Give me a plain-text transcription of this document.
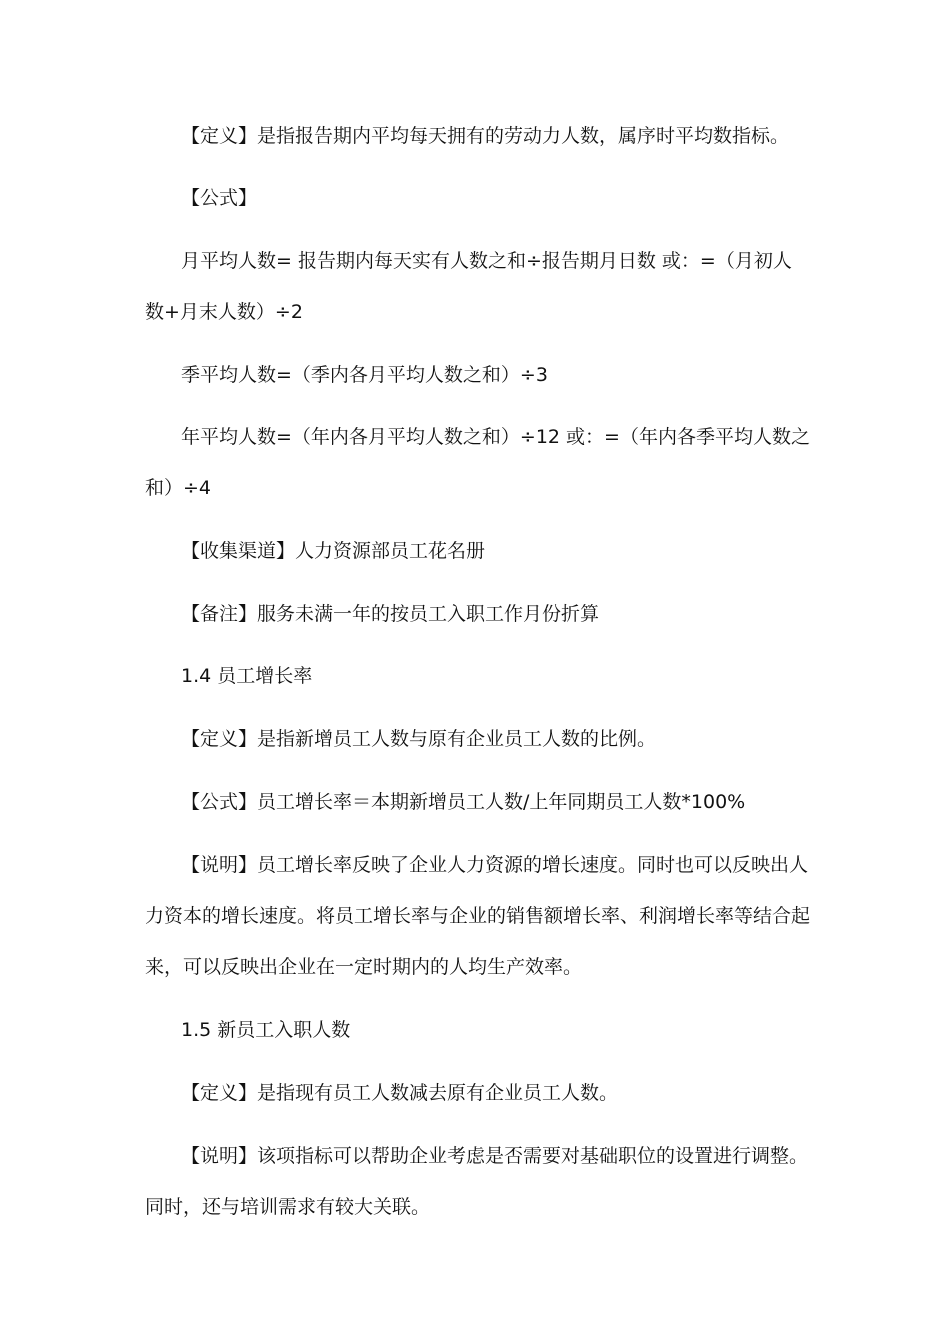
【定义】是指报告期内平均每天拥有的劳动力人数，属序时平均数指标。

【公式】

月平均人数= 报告期内每天实有人数之和÷报告期月日数 或：=（月初人数+月末人数）÷2

季平均人数=（季内各月平均人数之和）÷3

年平均人数=（年内各月平均人数之和）÷12 或：=（年内各季平均人数之和）÷4

【收集渠道】人力资源部员工花名册

【备注】服务未满一年的按员工入职工作月份折算

1.4 员工增长率

【定义】是指新增员工人数与原有企业员工人数的比例。

【公式】员工增长率＝本期新增员工人数/上年同期员工人数*100%

【说明】员工增长率反映了企业人力资源的增长速度。同时也可以反映出人力资本的增长速度。将员工增长率与企业的销售额增长率、利润增长率等结合起来，可以反映出企业在一定时期内的人均生产效率。

1.5 新员工入职人数

【定义】是指现有员工人数减去原有企业员工人数。

【说明】该项指标可以帮助企业考虑是否需要对基础职位的设置进行调整。同时，还与培训需求有较大关联。
